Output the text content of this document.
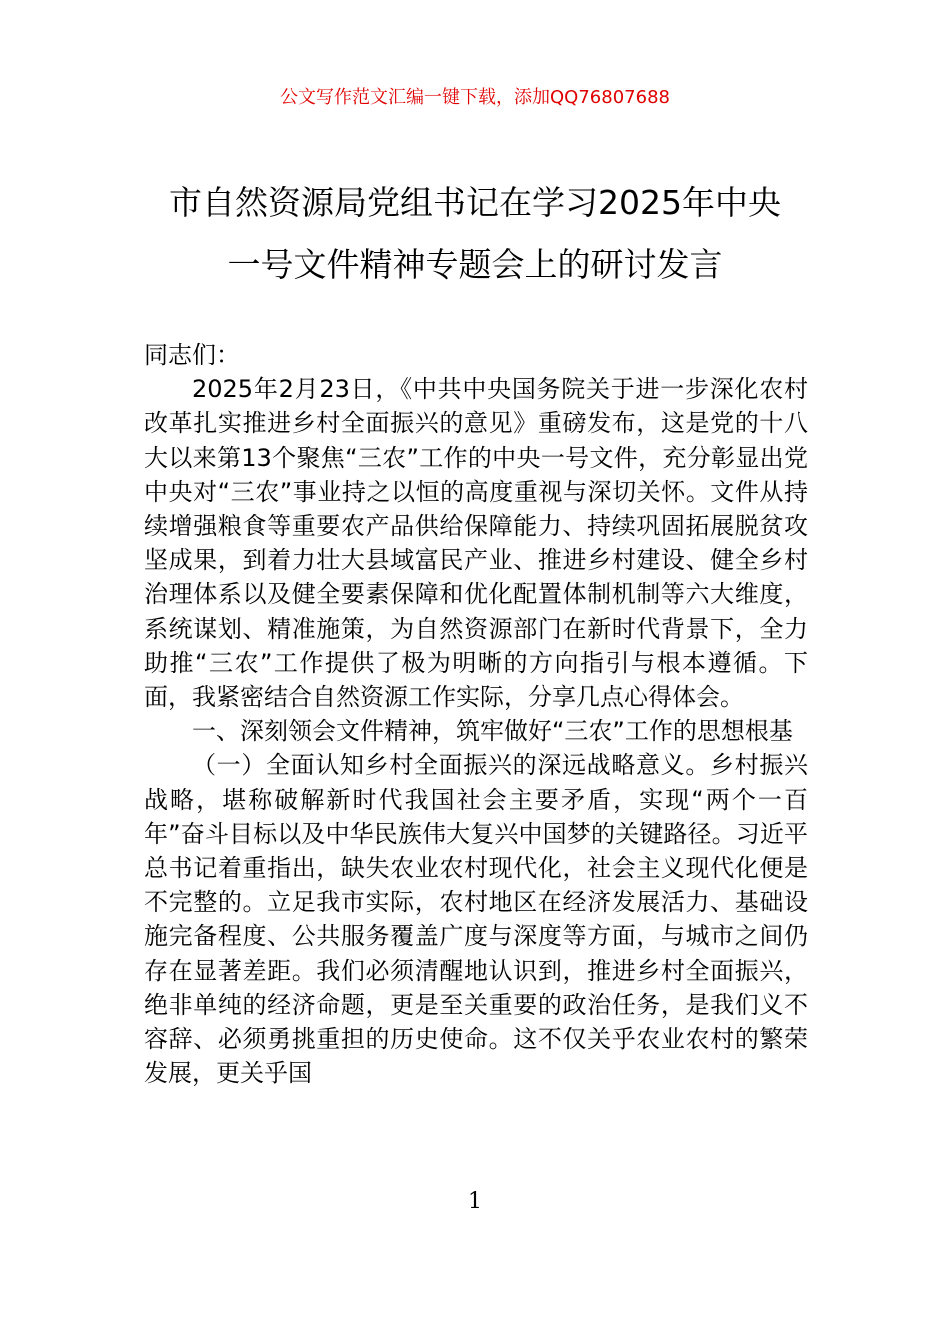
公文写作范文汇编一键下载，添加QQ76807688
市自然资源局党组书记在学习2025年中央
一号文件精神专题会上的研讨发言

同志们：

2025年2月23日，《中共中央国务院关于进一步深化农村改革扎实推进乡村全面振兴的意见》重磅发布，这是党的十八大以来第13个聚焦“三农”工作的中央一号文件，充分彰显出党中央对“三农”事业持之以恒的高度重视与深切关怀。文件从持续增强粮食等重要农产品供给保障能力、持续巩固拓展脱贫攻坚成果，到着力壮大县域富民产业、推进乡村建设、健全乡村治理体系以及健全要素保障和优化配置体制机制等六大维度，系统谋划、精准施策，为自然资源部门在新时代背景下，全力助推“三农”工作提供了极为明晰的方向指引与根本遵循。下面，我紧密结合自然资源工作实际，分享几点心得体会。

一、深刻领会文件精神，筑牢做好“三农”工作的思想根基

（一）全面认知乡村全面振兴的深远战略意义。乡村振兴战略，堪称破解新时代我国社会主要矛盾，实现“两个一百年”奋斗目标以及中华民族伟大复兴中国梦的关键路径。习近平总书记着重指出，缺失农业农村现代化，社会主义现代化便是不完整的。立足我市实际，农村地区在经济发展活力、基础设施完备程度、公共服务覆盖广度与深度等方面，与城市之间仍存在显著差距。我们必须清醒地认识到，推进乡村全面振兴，绝非单纯的经济命题，更是至关重要的政治任务，是我们义不容辞、必须勇挑重担的历史使命。这不仅关乎农业农村的繁荣发展，更关乎国

1
